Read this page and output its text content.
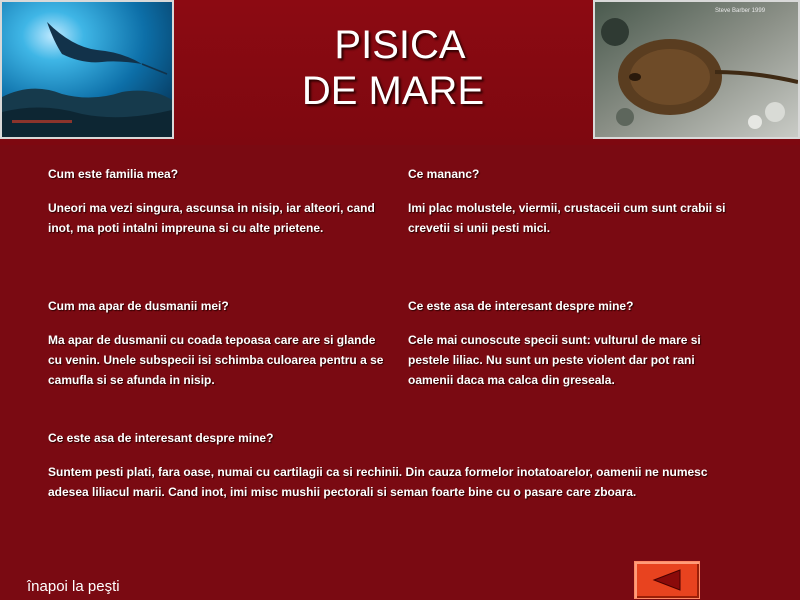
Steve Barber 1999
PISICA
DE MARE

Cum este familia mea?

Uneori ma vezi singura, ascunsa in nisip, iar alteori, cand inot, ma poti intalni impreuna si cu alte prietene.

Ce mananc?

Imi plac molustele, viermii, crustaceii cum sunt crabii si crevetii si unii pesti mici.

Cum ma apar de dusmanii mei?

Ma apar de dusmanii cu coada tepoasa care are si glande cu venin. Unele subspecii isi schimba culoarea pentru a se camufla si se afunda in nisip.

Ce este asa de interesant despre mine?

Cele mai cunoscute specii sunt: vulturul de mare si pestele liliac. Nu sunt un peste violent dar pot rani oamenii daca ma calca din greseala.

Ce este asa de interesant despre mine?

Suntem pesti plati, fara oase, numai cu cartilagii ca si rechinii. Din cauza formelor inotatoarelor, oamenii ne numesc adesea liliacul marii. Cand inot, imi misc mushii pectorali si seman foarte bine cu o pasare care zboara.

înapoi la peşti
